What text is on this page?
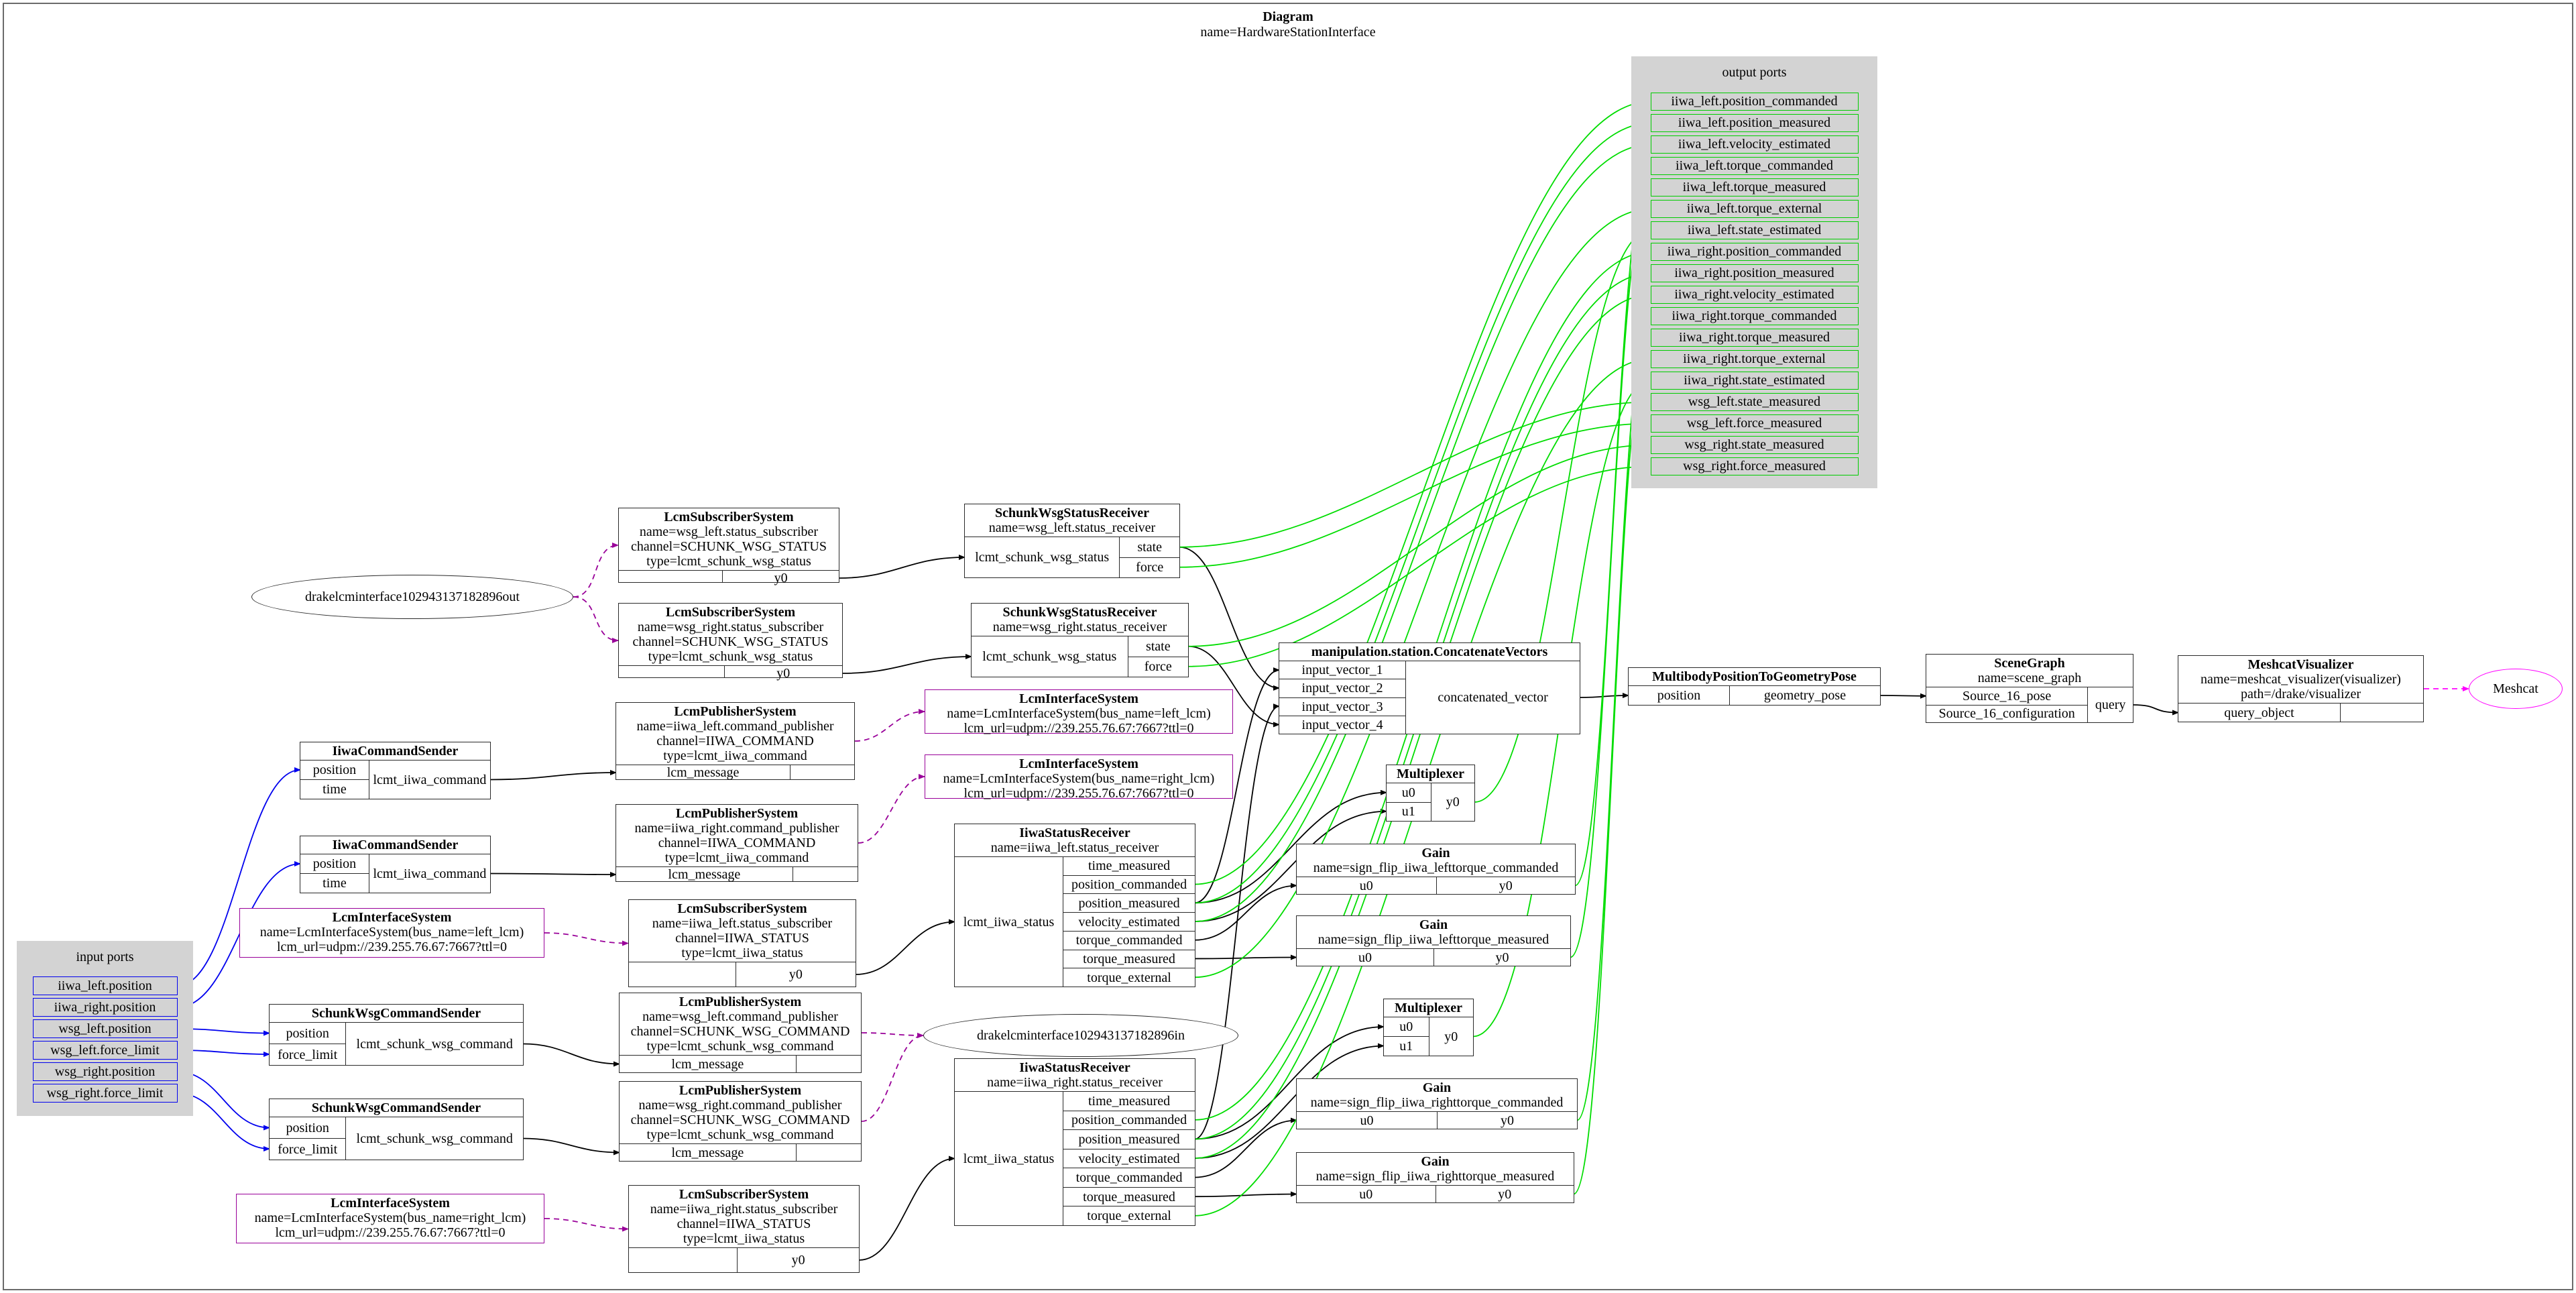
Diagram
name=HardwareStationInterface
output ports
iiwa_left.position_commanded
iiwa_left.position_measured
iiwa_left.velocity_estimated
iiwa_left.torque_commanded
iiwa_left.torque_measured
iiwa_left.torque_external
iiwa_left.state_estimated
iiwa_right.position_commanded
iiwa_right.position_measured
iiwa_right.velocity_estimated
iiwa_right.torque_commanded
iiwa_right.torque_measured
iiwa_right.torque_external
iiwa_right.state_estimated
wsg_left.state_measured
wsg_left.force_measured
wsg_right.state_measured
wsg_right.force_measured
input ports
iiwa_left.position
iiwa_right.position
wsg_left.position
wsg_left.force_limit
wsg_right.position
wsg_right.force_limit
LcmSubscriberSystem
name=wsg_left.status_subscriber
channel=SCHUNK_WSG_STATUS
type=lcmt_schunk_wsg_status
y0
SchunkWsgStatusReceiver
name=wsg_left.status_receiver
lcmt_schunk_wsg_status
state
force
LcmSubscriberSystem
name=wsg_right.status_subscriber
channel=SCHUNK_WSG_STATUS
type=lcmt_schunk_wsg_status
y0
SchunkWsgStatusReceiver
name=wsg_right.status_receiver
lcmt_schunk_wsg_status
state
force
manipulation.station.ConcatenateVectors
input_vector_1
input_vector_2
input_vector_3
input_vector_4
concatenated_vector
MultibodyPositionToGeometryPose
position	geometry_pose
SceneGraph
name=scene_graph
Source_16_pose
Source_16_configuration
query
MeshcatVisualizer
name=meshcat_visualizer(visualizer)
path=/drake/visualizer
query_object
LcmInterfaceSystem
name=LcmInterfaceSystem(bus_name=left_lcm)
lcm_url=udpm://239.255.76.67:7667?ttl=0
LcmInterfaceSystem
name=LcmInterfaceSystem(bus_name=right_lcm)
lcm_url=udpm://239.255.76.67:7667?ttl=0
IiwaCommandSender
position
time
lcmt_iiwa_command
LcmPublisherSystem
name=iiwa_left.command_publisher
channel=IIWA_COMMAND
type=lcmt_iiwa_command
lcm_message
IiwaCommandSender
position
time
lcmt_iiwa_command
LcmPublisherSystem
name=iiwa_right.command_publisher
channel=IIWA_COMMAND
type=lcmt_iiwa_command
lcm_message
Multiplexer
u0
u1
y0
Gain
name=sign_flip_iiwa_lefttorque_commanded
u0	y0
Gain
name=sign_flip_iiwa_lefttorque_measured
u0	y0
IiwaStatusReceiver
name=iiwa_left.status_receiver
lcmt_iiwa_status
time_measured
position_commanded
position_measured
velocity_estimated
torque_commanded
torque_measured
torque_external
LcmInterfaceSystem
name=LcmInterfaceSystem(bus_name=left_lcm)
lcm_url=udpm://239.255.76.67:7667?ttl=0
LcmSubscriberSystem
name=iiwa_left.status_subscriber
channel=IIWA_STATUS
type=lcmt_iiwa_status
y0
SchunkWsgCommandSender
position
force_limit
lcmt_schunk_wsg_command
LcmPublisherSystem
name=wsg_left.command_publisher
channel=SCHUNK_WSG_COMMAND
type=lcmt_schunk_wsg_command
lcm_message
SchunkWsgCommandSender
position
force_limit
lcmt_schunk_wsg_command
LcmPublisherSystem
name=wsg_right.command_publisher
channel=SCHUNK_WSG_COMMAND
type=lcmt_schunk_wsg_command
lcm_message
Multiplexer
u0
u1
y0
Gain
name=sign_flip_iiwa_righttorque_commanded
u0	y0
Gain
name=sign_flip_iiwa_righttorque_measured
u0	y0
IiwaStatusReceiver
name=iiwa_right.status_receiver
lcmt_iiwa_status
time_measured
position_commanded
position_measured
velocity_estimated
torque_commanded
torque_measured
torque_external
LcmInterfaceSystem
name=LcmInterfaceSystem(bus_name=right_lcm)
lcm_url=udpm://239.255.76.67:7667?ttl=0
LcmSubscriberSystem
name=iiwa_right.status_subscriber
channel=IIWA_STATUS
type=lcmt_iiwa_status
y0
drakelcminterface102943137182896out
drakelcminterface102943137182896in
Meshcat
